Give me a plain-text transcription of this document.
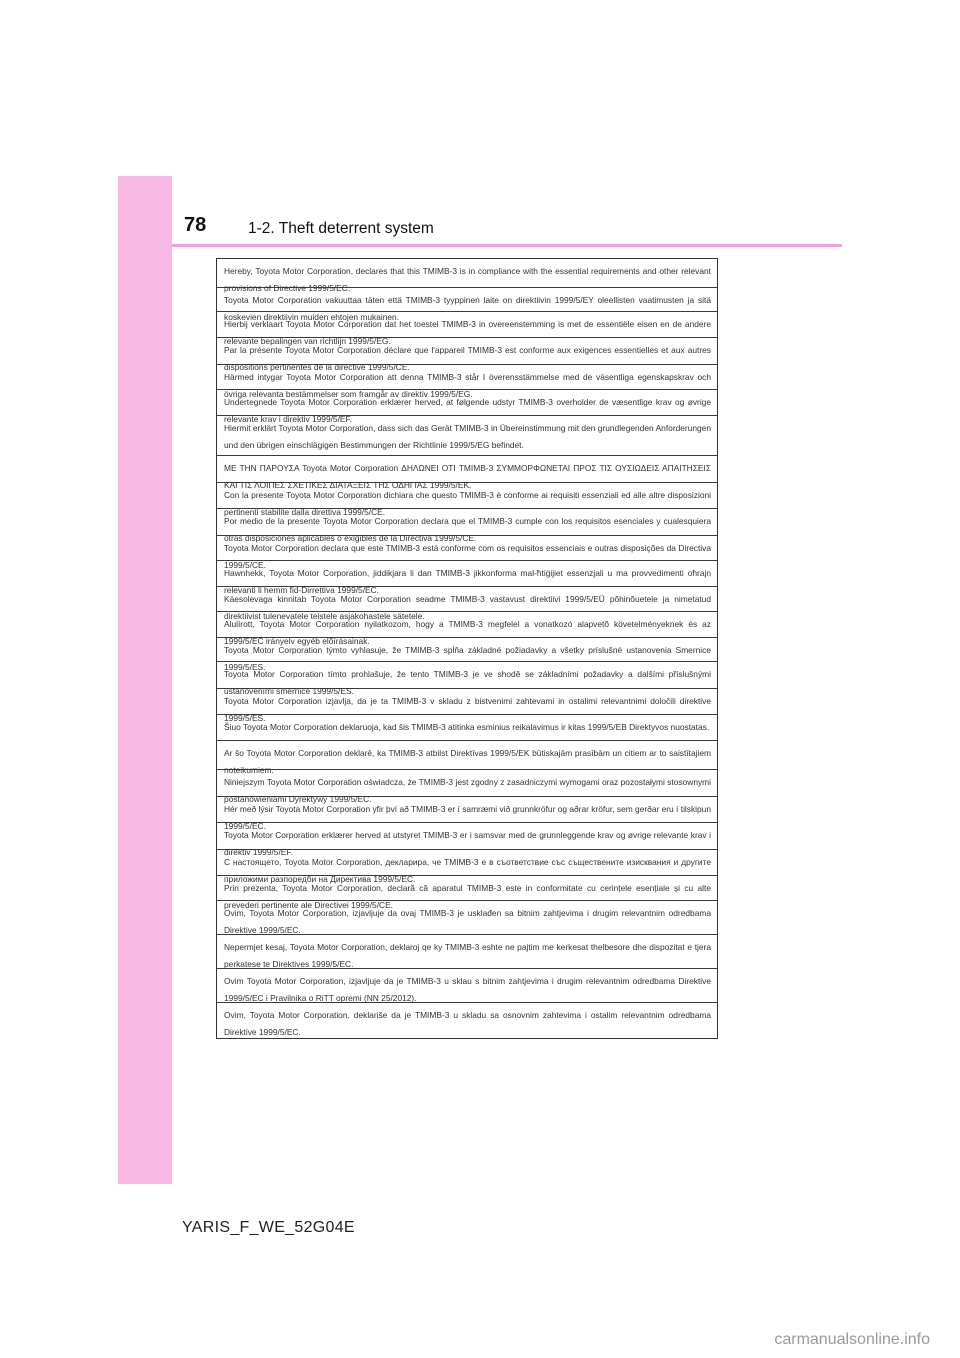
78	1-2. Theft deterrent system
Hereby, Toyota Motor Corporation, declares that this TMIMB-3 is in compliance with the essential requirements and other relevant provisions of Directive 1999/5/EC.
Toyota Motor Corporation vakuuttaa täten että TMIMB-3 tyyppinen laite on direktiivin 1999/5/EY oleellisten vaatimusten ja sitä koskevien direktiivin muiden ehtojen mukainen.
Hierbij verklaart Toyota Motor Corporation dat het toestel TMIMB-3 in overeenstemming is met de essentiële eisen en de andere relevante bepalingen van richtlijn 1999/5/EG.
Par la présente Toyota Motor Corporation déclare que l'appareil TMIMB-3 est conforme aux exigences essentielles et aux autres dispositions pertinentes de la directive 1999/5/CE.
Härmed intygar Toyota Motor Corporation att denna TMIMB-3 står I överensstämmelse med de väsentliga egenskapskrav och övriga relevanta bestämmelser som framgår av direktiv 1999/5/EG.
Undertegnede Toyota Motor Corporation erklærer herved, at følgende udstyr TMIMB-3 overholder de væsentlige krav og øvrige relevante krav i direktiv 1999/5/EF.
Hiermit erklärt Toyota Motor Corporation, dass sich das Gerät TMIMB-3 in Übereinstimmung mit den grundlegenden Anforderungen und den übrigen einschlägigen Bestimmungen der Richtlinie 1999/5/EG befindet.
ΜΕ ΤΗΝ ΠΑΡΟΥΣΑ Toyota Motor Corporation ΔΗΛΩΝΕΙ ΟΤΙ TMIMB-3 ΣΥΜΜΟΡΦΩΝΕΤΑΙ ΠΡΟΣ ΤΙΣ ΟΥΣΙΩΔΕΙΣ ΑΠΑΙΤΗΣΕΙΣ ΚΑΙ ΤΙΣ ΛΟΙΠΕΣ ΣΧΕΤΙΚΕΣ ΔΙΑΤΑΞΕΙΣ ΤΗΣ ΟΔΗΓΙΑΣ 1999/5/ΕΚ.
Con la presente Toyota Motor Corporation dichiara che questo TMIMB-3 è conforme ai requisiti essenziali ed alle altre disposizioni pertinenti stabilite dalla direttiva 1999/5/CE.
Por medio de la presente Toyota Motor Corporation declara que el TMIMB-3 cumple con los requisitos esenciales y cualesquiera otras disposiciones aplicables o exigibles de la Directiva 1999/5/CE.
Toyota Motor Corporation declara que este TMIMB-3 está conforme com os requisitos essenciais e outras disposições da Directiva 1999/5/CE.
Hawnhekk, Toyota Motor Corporation, jiddikjara li dan TMIMB-3 jikkonforma mal-ħtiġijiet essenzjali u ma provvedimenti oħrajn relevanti li hemm fid-Dirrettiva 1999/5/EC.
Käesolevaga kinnitab Toyota Motor Corporation seadme TMIMB-3 vastavust direktiivi 1999/5/EÜ põhinõuetele ja nimetatud direktiivist tulenevatele teistele asjakohastele sätetele.
Alulírott, Toyota Motor Corporation nyilatkozom, hogy a TMIMB-3 megfelel a vonatkozó alapvetõ követelményeknek és az 1999/5/EC irányelv egyéb elõírásainak.
Toyota Motor Corporation týmto vyhlasuje, že TMIMB-3 spĺňa základné požiadavky a všetky príslušné ustanovenia Smernice 1999/5/ES.
Toyota Motor Corporation tímto prohlašuje, že tento TMIMB-3 je ve shodě se základními požadavky a dalšími příslušnými ustanoveními směrnice 1999/5/ES.
Toyota Motor Corporation izjavlja, da je ta TMIMB-3 v skladu z bistvenimi zahtevami in ostalimi relevantnimi določili direktive 1999/5/ES.
Šiuo Toyota Motor Corporation deklaruoja, kad šis TMIMB-3 atitinka esminius reikalavimus ir kitas 1999/5/EB Direktyvos nuostatas.
Ar šo Toyota Motor Corporation deklarē, ka TMIMB-3 atbilst Direktīvas 1999/5/EK būtiskajām prasībām un citiem ar to saistītajiem noteikumiem.
Niniejszym Toyota Motor Corporation oświadcza, że TMIMB-3 jest zgodny z zasadniczymi wymogami oraz pozostałymi stosownymi postanowieniami Dyrektywy 1999/5/EC.
Hér með lýsir Toyota Motor Corporation yfir því að TMIMB-3 er í samræmi við grunnkröfur og aðrar kröfur, sem gerðar eru í tilskipun 1999/5/EC.
Toyota Motor Corporation erklærer herved at utstyret TMIMB-3 er i samsvar med de grunnleggende krav og øvrige relevante krav i direktiv 1999/5/EF.
С настоящето, Toyota Motor Corporation, декларира, че TMIMB-3 е в съответствие със съществените изисквания и другите приложими разпоредби на Директива 1999/5/ЕС.
Prin prezenta, Toyota Motor Corporation, declară că aparatul TMIMB-3 este in conformitate cu cerințele esențiale și cu alte prevederi pertinente ale Directivei 1999/5/CE.
Ovim, Toyota Motor Corporation, izjavljuje da ovaj TMIMB-3 je usklađen sa bitnim zahtjevima i drugim relevantnim odredbama Direktive 1999/5/EC.
Nepermjet kesaj, Toyota Motor Corporation, deklaroj qe ky TMIMB-3 eshte ne pajtim me kerkesat thelbesore dhe dispozitat e tjera perkatese te Direktives 1999/5/EC.
Ovim Toyota Motor Corporation, izjavljuje da je TMIMB-3 u sklau s bitnim zahtjevima i drugim relevantnim odredbama Direktive 1999/5/EC i Pravilnika o RiTT opremi (NN 25/2012).
Ovim, Toyota Motor Corporation, deklariše da je TMIMB-3 u skladu sa osnovnim zahtevima i ostalim relevantnim odredbama Direktive 1999/5/EC.
YARIS_F_WE_52G04E
carmanualsonline.info
